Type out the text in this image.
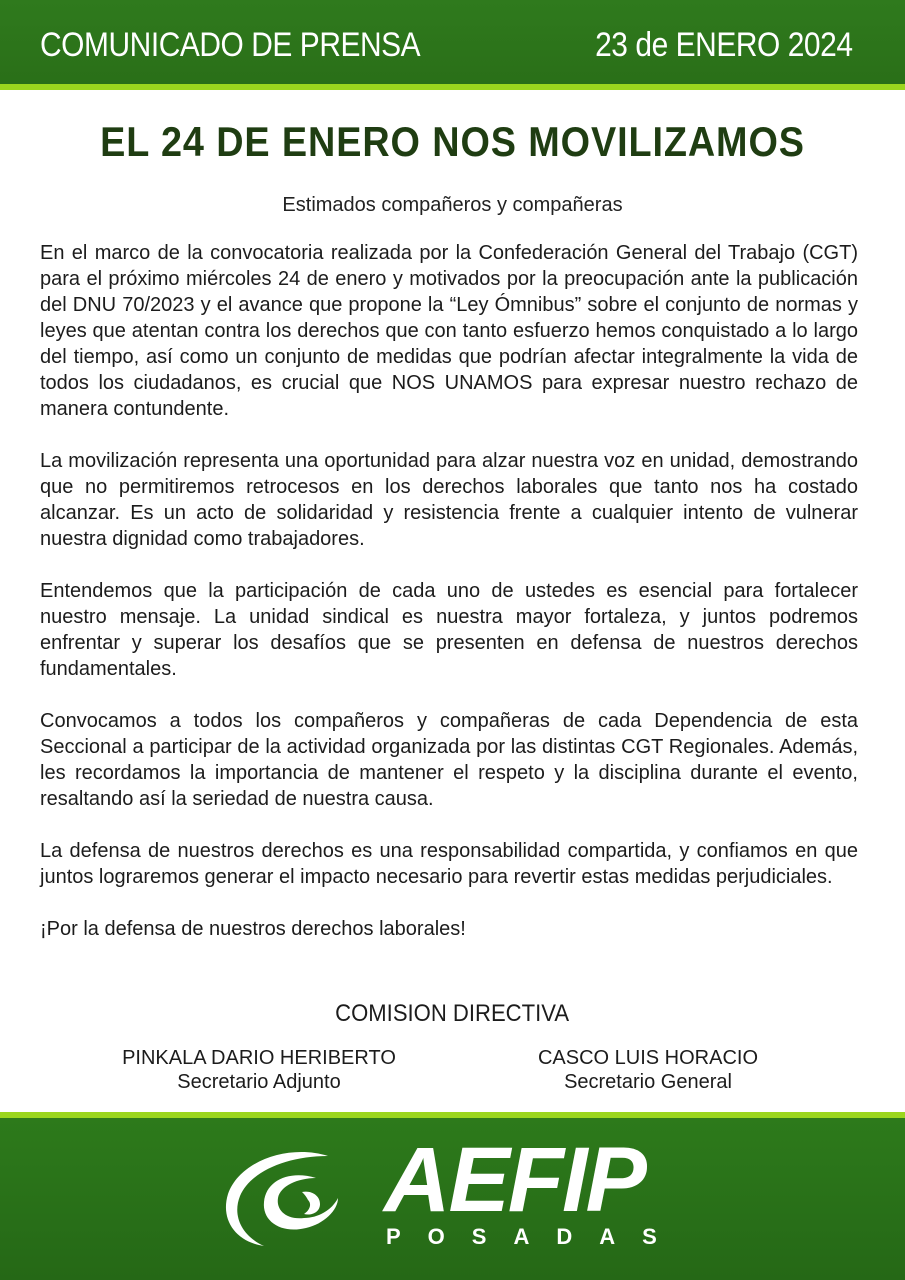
COMUNICADO DE PRENSA	23 de ENERO 2024
EL 24 DE ENERO NOS MOVILIZAMOS
Estimados compañeros y compañeras

En el marco de la convocatoria realizada por la Confederación General del Trabajo (CGT) para el próximo miércoles 24 de enero y motivados por la preocupación ante la publicación del DNU 70/2023 y el avance que propone la “Ley Ómnibus” sobre el conjunto de normas y leyes que atentan contra los derechos que con tanto esfuerzo hemos conquistado a lo largo del tiempo, así como un conjunto de medidas que podrían afectar integralmente la vida de todos los ciudadanos, es crucial que NOS UNAMOS para expresar nuestro rechazo de manera contundente.

La movilización representa una oportunidad para alzar nuestra voz en unidad, demostrando que no permitiremos retrocesos en los derechos laborales que tanto nos ha costado alcanzar. Es un acto de solidaridad y resistencia frente a cualquier intento de vulnerar nuestra dignidad como trabajadores.

Entendemos que la participación de cada uno de ustedes es esencial para fortalecer nuestro mensaje. La unidad sindical es nuestra mayor fortaleza, y juntos podremos enfrentar y superar los desafíos que se presenten en defensa de nuestros derechos fundamentales.

Convocamos a todos los compañeros y compañeras de cada Dependencia de esta Seccional a participar de la actividad organizada por las distintas CGT Regionales. Además, les recordamos la importancia de mantener el respeto y la disciplina durante el evento, resaltando así la seriedad de nuestra causa.

La defensa de nuestros derechos es una responsabilidad compartida, y confiamos en que juntos lograremos generar el impacto necesario para revertir estas medidas perjudiciales.

¡Por la defensa de nuestros derechos laborales!

COMISION DIRECTIVA
PINKALA DARIO HERIBERTO
Secretario Adjunto
CASCO LUIS HORACIO
Secretario General
AEFIP
POSADAS
